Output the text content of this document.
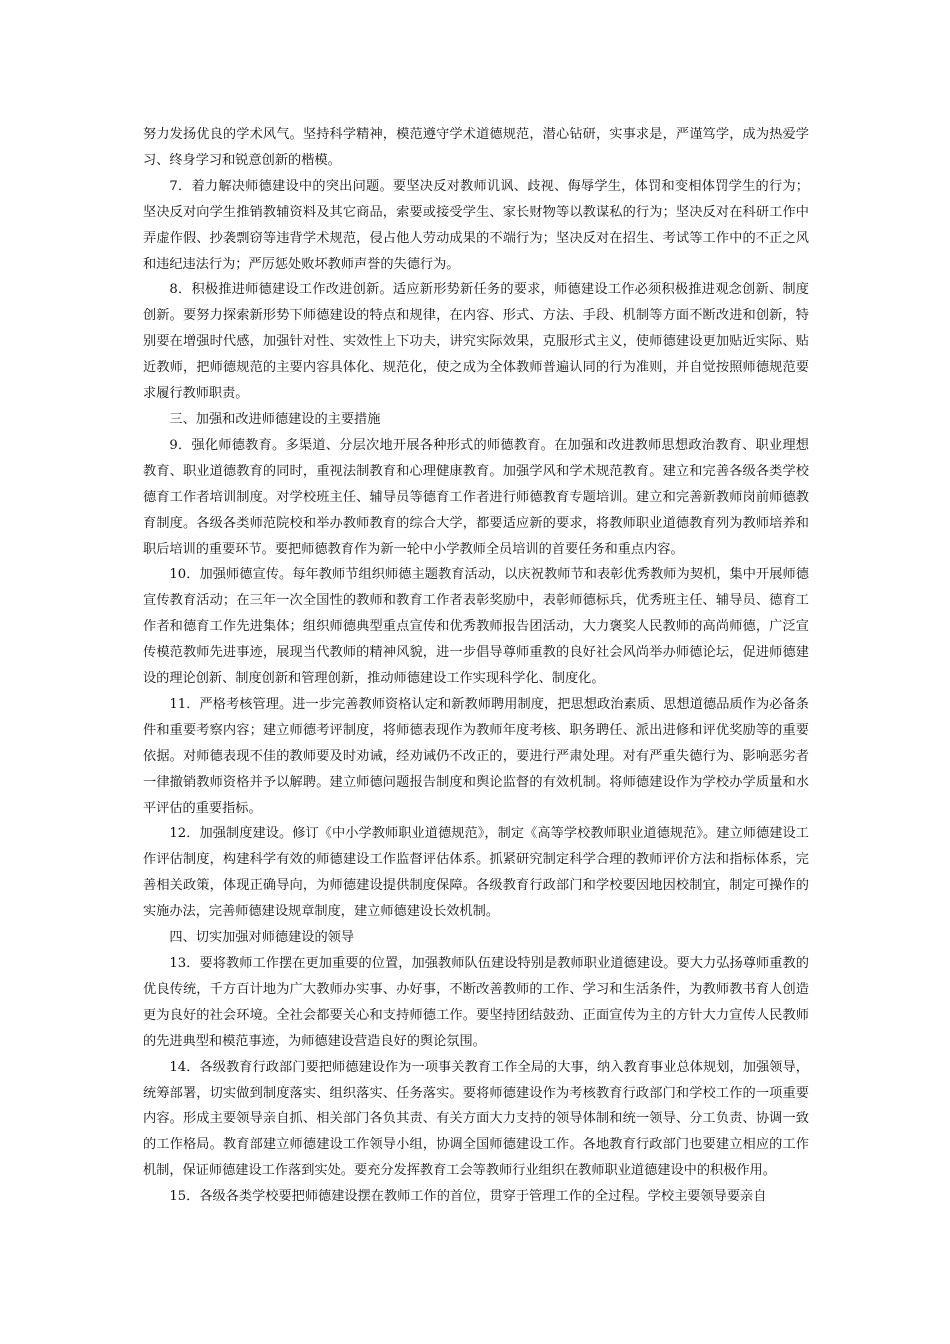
努力发扬优良的学术风气。坚持科学精神，模范遵守学术道德规范，潜心钻研，实事求是，严谨笃学，成为热爱学习、终身学习和锐意创新的楷模。

7．着力解决师德建设中的突出问题。要坚决反对教师讥讽、歧视、侮辱学生，体罚和变相体罚学生的行为；坚决反对向学生推销教辅资料及其它商品，索要或接受学生、家长财物等以教谋私的行为；坚决反对在科研工作中弄虚作假、抄袭剽窃等违背学术规范，侵占他人劳动成果的不端行为；坚决反对在招生、考试等工作中的不正之风和违纪违法行为；严厉惩处败坏教师声誉的失德行为。

8．积极推进师德建设工作改进创新。适应新形势新任务的要求，师德建设工作必须积极推进观念创新、制度创新。要努力探索新形势下师德建设的特点和规律，在内容、形式、方法、手段、机制等方面不断改进和创新，特别要在增强时代感，加强针对性、实效性上下功夫，讲究实际效果，克服形式主义，使师德建设更加贴近实际、贴近教师，把师德规范的主要内容具体化、规范化，使之成为全体教师普遍认同的行为准则，并自觉按照师德规范要求履行教师职责。

三、加强和改进师德建设的主要措施

9．强化师德教育。多渠道、分层次地开展各种形式的师德教育。在加强和改进教师思想政治教育、职业理想教育、职业道德教育的同时，重视法制教育和心理健康教育。加强学风和学术规范教育。建立和完善各级各类学校德育工作者培训制度。对学校班主任、辅导员等德育工作者进行师德教育专题培训。建立和完善新教师岗前师德教育制度。各级各类师范院校和举办教师教育的综合大学，都要适应新的要求，将教师职业道德教育列为教师培养和职后培训的重要环节。要把师德教育作为新一轮中小学教师全员培训的首要任务和重点内容。

10．加强师德宣传。每年教师节组织师德主题教育活动，以庆祝教师节和表彰优秀教师为契机，集中开展师德宣传教育活动；在三年一次全国性的教师和教育工作者表彰奖励中，表彰师德标兵，优秀班主任、辅导员、德育工作者和德育工作先进集体；组织师德典型重点宣传和优秀教师报告团活动，大力褒奖人民教师的高尚师德，广泛宣传模范教师先进事迹，展现当代教师的精神风貌，进一步倡导尊师重教的良好社会风尚举办师德论坛，促进师德建设的理论创新、制度创新和管理创新，推动师德建设工作实现科学化、制度化。

11．严格考核管理。进一步完善教师资格认定和新教师聘用制度，把思想政治素质、思想道德品质作为必备条件和重要考察内容；建立师德考评制度，将师德表现作为教师年度考核、职务聘任、派出进修和评优奖励等的重要依据。对师德表现不佳的教师要及时劝诫，经劝诫仍不改正的，要进行严肃处理。对有严重失德行为、影响恶劣者一律撤销教师资格并予以解聘。建立师德问题报告制度和舆论监督的有效机制。将师德建设作为学校办学质量和水平评估的重要指标。

12．加强制度建设。修订《中小学教师职业道德规范》，制定《高等学校教师职业道德规范》。建立师德建设工作评估制度，构建科学有效的师德建设工作监督评估体系。抓紧研究制定科学合理的教师评价方法和指标体系，完善相关政策，体现正确导向，为师德建设提供制度保障。各级教育行政部门和学校要因地因校制宜，制定可操作的实施办法，完善师德建设规章制度，建立师德建设长效机制。

四、切实加强对师德建设的领导

13．要将教师工作摆在更加重要的位置，加强教师队伍建设特别是教师职业道德建设。要大力弘扬尊师重教的优良传统，千方百计地为广大教师办实事、办好事，不断改善教师的工作、学习和生活条件，为教师教书育人创造更为良好的社会环境。全社会都要关心和支持师德工作。要坚持团结鼓劲、正面宣传为主的方针大力宣传人民教师的先进典型和模范事迹，为师德建设营造良好的舆论氛围。

14．各级教育行政部门要把师德建设作为一项事关教育工作全局的大事，纳入教育事业总体规划，加强领导，统筹部署，切实做到制度落实、组织落实、任务落实。要将师德建设作为考核教育行政部门和学校工作的一项重要内容。形成主要领导亲自抓、相关部门各负其责、有关方面大力支持的领导体制和统一领导、分工负责、协调一致的工作格局。教育部建立师德建设工作领导小组，协调全国师德建设工作。各地教育行政部门也要建立相应的工作机制，保证师德建设工作落到实处。要充分发挥教育工会等教师行业组织在教师职业道德建设中的积极作用。

15．各级各类学校要把师德建设摆在教师工作的首位，贯穿于管理工作的全过程。学校主要领导要亲自
